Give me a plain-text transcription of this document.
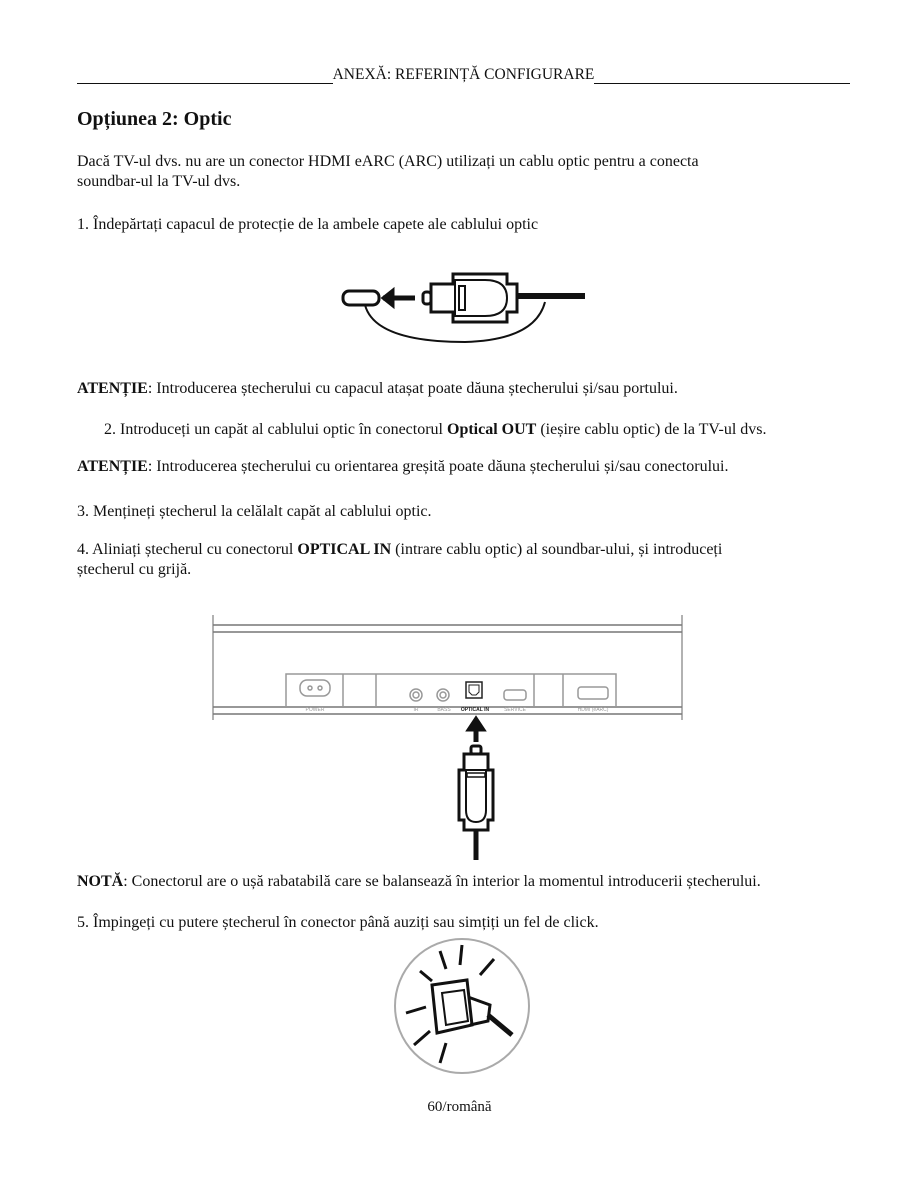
ANEXĂ: REFERINȚĂ CONFIGURARE
Opțiunea 2: Optic
Dacă TV-ul dvs. nu are un conector HDMI eARC (ARC) utilizați un cablu optic pentru a conecta
soundbar-ul la TV-ul dvs.
1. Îndepărtați capacul de protecție de la ambele capete ale cablului optic
ATENȚIE: Introducerea ștecherului cu capacul atașat poate dăuna ștecherului și/sau portului.
2. Introduceți un capăt al cablului optic în conectorul Optical OUT (ieșire cablu optic) de la TV-ul dvs.
ATENȚIE: Introducerea ștecherului cu orientarea greșită poate dăuna ștecherului și/sau conectorului.
3. Mențineți ștecherul la celălalt capăt al cablului optic.
4. Aliniați ștecherul cu conectorul OPTICAL IN (intrare cablu optic) al soundbar-ului, și introduceți
ștecherul cu grijă.
POWER	IR	BASS OPTICAL IN	SERVICE	HDMI (eARC)
NOTĂ: Conectorul are o ușă rabatabilă care se balansează în interior la momentul introducerii ștecherului.
5. Împingeți cu putere ștecherul în conector până auziți sau simțiți un fel de click.
60/română
